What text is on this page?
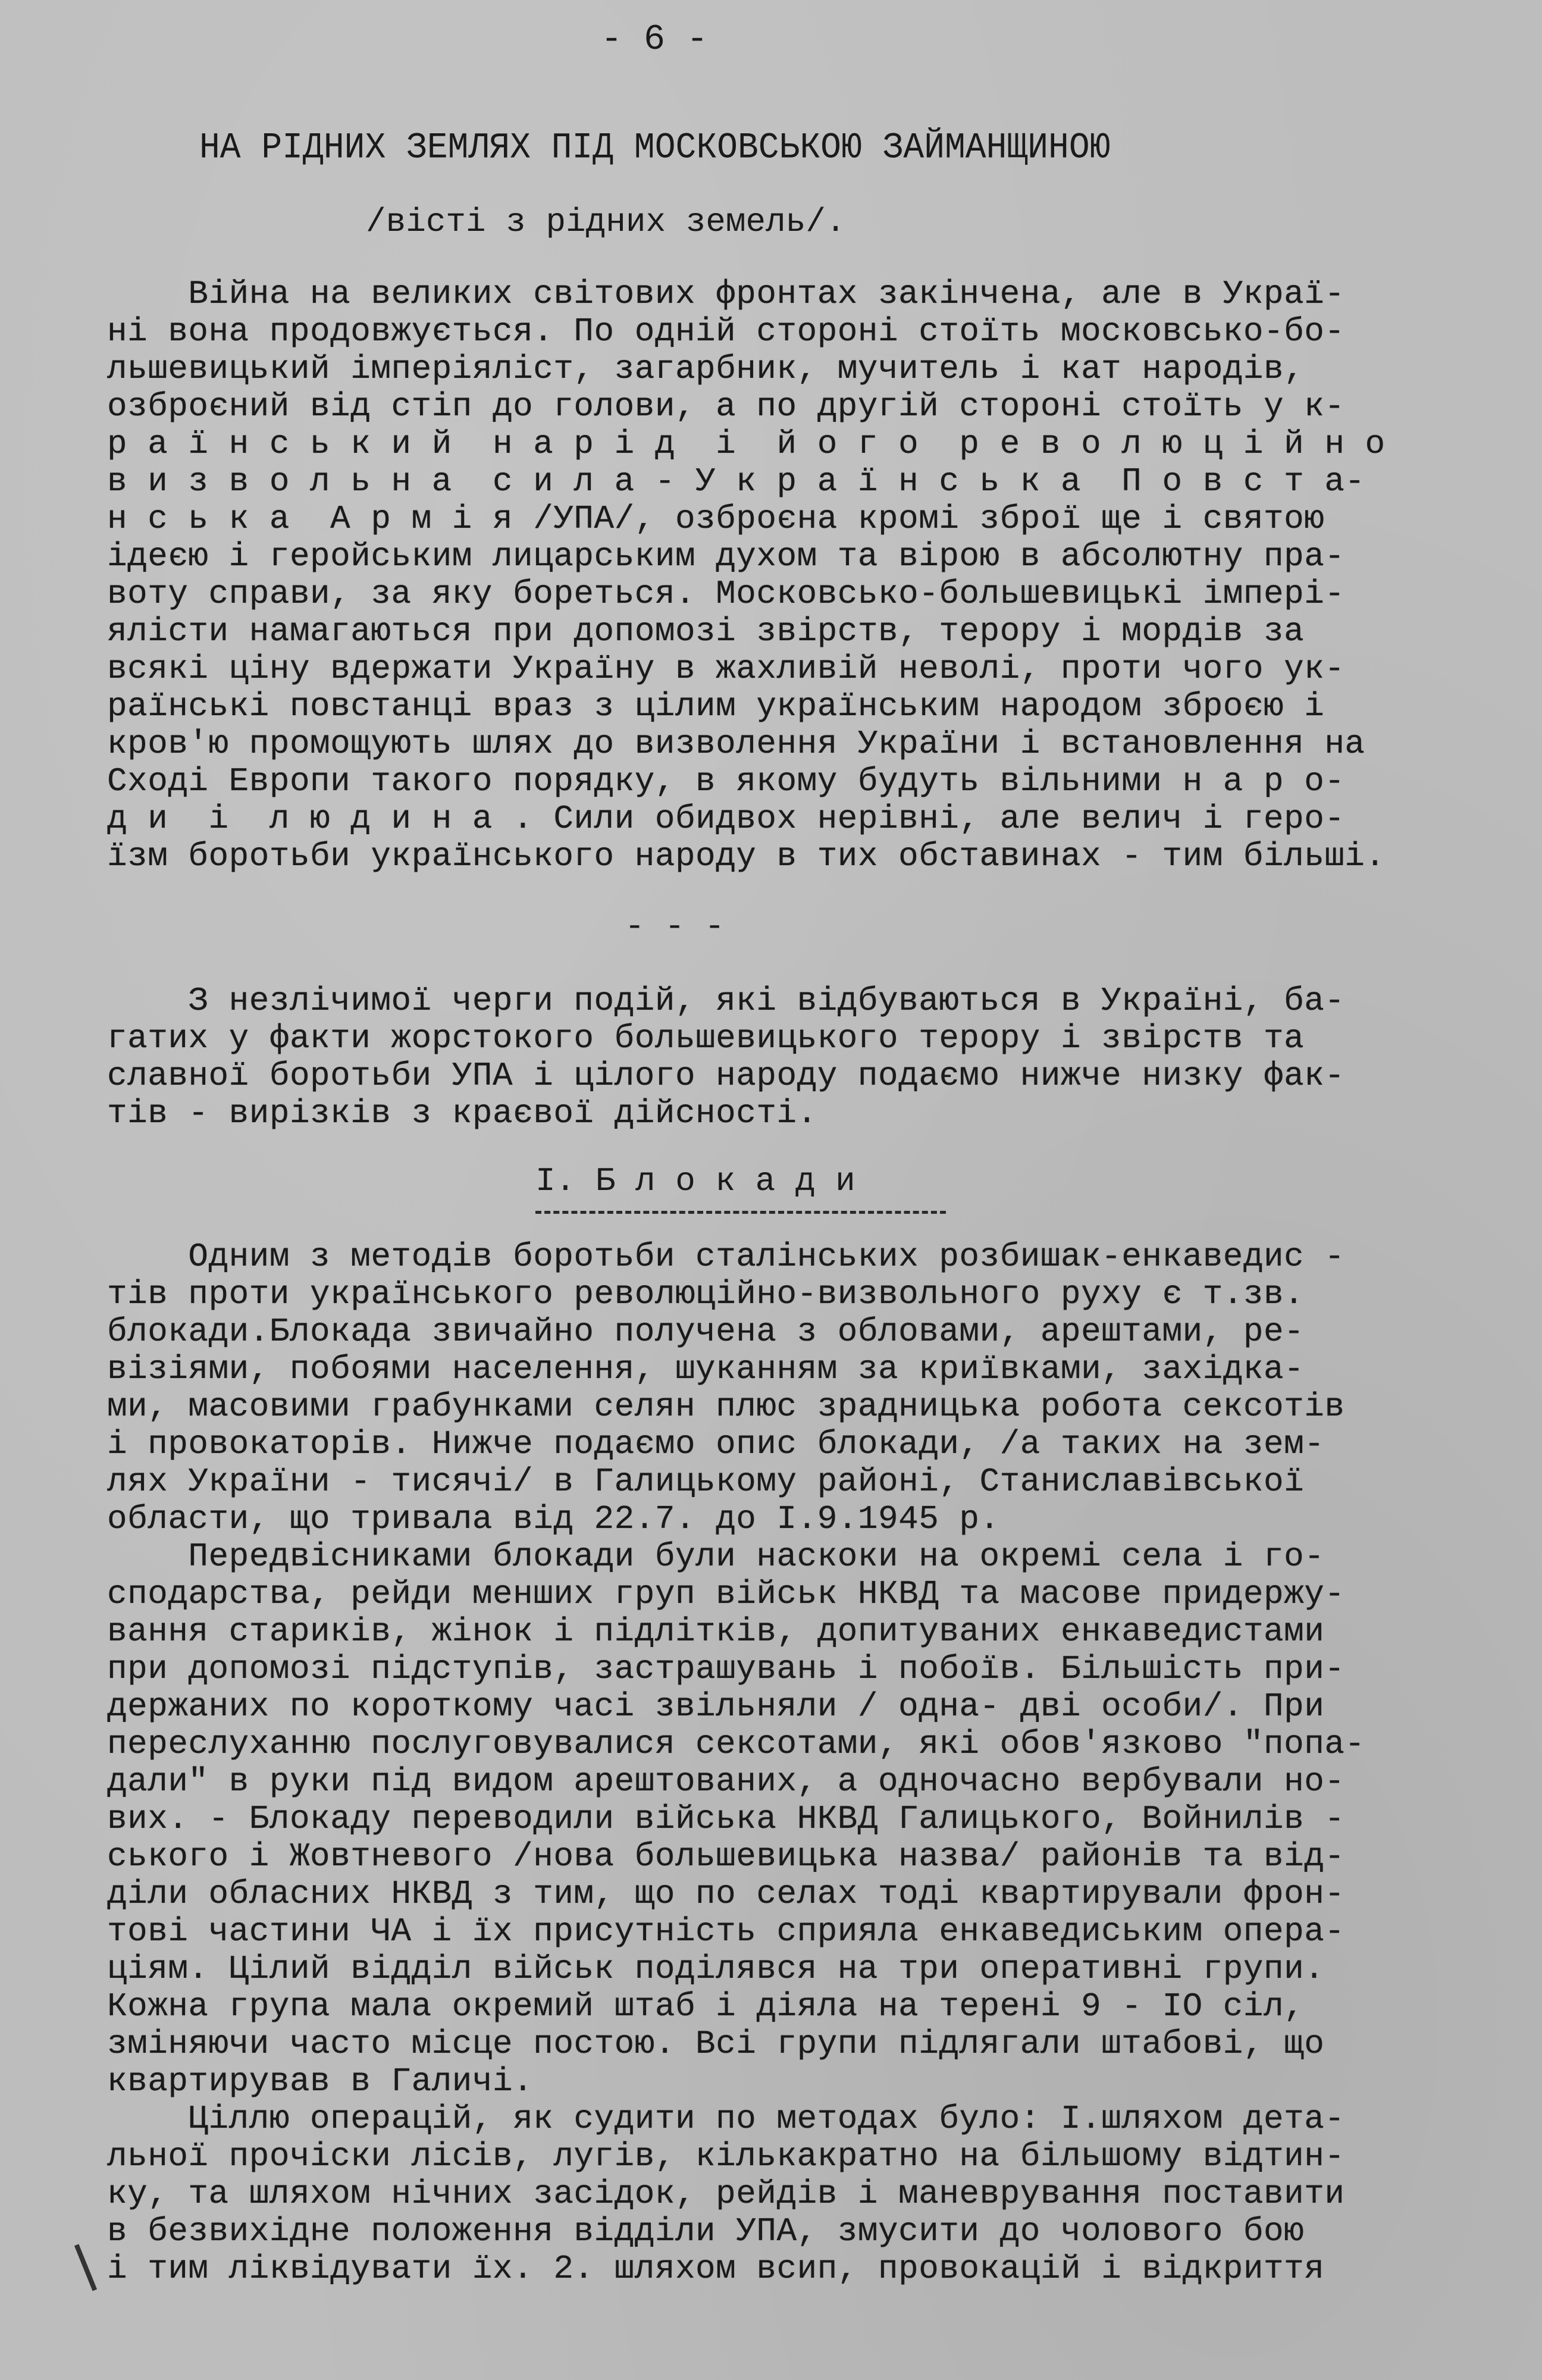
- 6 -
НА РІДНИХ ЗЕМЛЯХ ПІД МОСКОВСЬКОЮ ЗАЙМАНЩИНОЮ
/вісті з рідних земель/.

Війна на великих світових фронтах закінчена, але в Украї-

ні вона продовжується. По одній стороні стоїть московсько-бо-

льшевицький імперіяліст, загарбник, мучитель і кат народів,

озброєний від стіп до голови, а по другій стороні стоїть у к-

р а ї н с ь к и й  н а р і д  і  й о г о  р е в о л ю ц і й н о

в и з в о л ь н а  с и л а - У к р а ї н с ь к а  П о в с т а-

н с ь к а  А р м і я /УПА/, озброєна кромі зброї ще і святою

ідеєю і геройським лицарським духом та вірою в абсолютну пра-

воту справи, за яку бореться. Московсько-большевицькі імпері-

ялісти намагаються при допомозі звірств, терору і мордів за

всякі ціну вдержати Україну в жахливій неволі, проти чого ук-

раїнські повстанці враз з цілим українським народом зброєю і

кров'ю промощують шлях до визволення України і встановлення на

Сході Европи такого порядку, в якому будуть вільними н а р о-

д и  і  л ю д и н а . Сили обидвох нерівні, але велич і геро-

їзм боротьби українського народу в тих обставинах - тим більші.

- - -

З незлічимої черги подій, які відбуваються в Україні, ба-

гатих у факти жорстокого большевицького терору і звірств та

славної боротьби УПА і цілого народу подаємо нижче низку фак-

тів - вирізків з краєвої дійсності.

I. Б л о к а д и

Одним з методів боротьби сталінських розбишак-енкаведис -

тів проти українського революційно-визвольного руху є т.зв.

блокади.Блокада звичайно получена з обловами, арештами, ре-

візіями, побоями населення, шуканням за криївками, західка-

ми, масовими грабунками селян плюс зрадницька робота сексотів

і провокаторів. Нижче подаємо опис блокади, /а таких на зем-

лях України - тисячі/ в Галицькому районі, Станиславівської

области, що тривала від 22.7. до I.9.1945 р.

Передвісниками блокади були наскоки на окремі села і го-

сподарства, рейди менших груп військ НКВД та масове придержу-

вання стариків, жінок і підлітків, допитуваних енкаведистами

при допомозі підступів, застрашувань і побоїв. Більшість при-

держаних по короткому часі звільняли / одна- дві особи/. При

переслуханню послуговувалися сексотами, які обов'язково "попа-

дали" в руки під видом арештованих, а одночасно вербували но-

вих. - Блокаду переводили війська НКВД Галицького, Войнилів -

ського і Жовтневого /нова большевицька назва/ районів та від-

діли обласних НКВД з тим, що по селах тоді квартирували фрон-

тові частини ЧА і їх присутність сприяла енкаведиським опера-

ціям. Цілий відділ військ поділявся на три оперативні групи.

Кожна група мала окремий штаб і діяла на терені 9 - IO сіл,

зміняючи часто місце постою. Всі групи підлягали штабові, що

квартирував в Галичі.

Ціллю операцій, як судити по методах було: I.шляхом дета-

льної прочіски лісів, лугів, кількакратно на більшому відтин-

ку, та шляхом нічних засідок, рейдів і маневрування поставити

в безвихідне положення відділи УПА, змусити до чолового бою

і тим ліквідувати їх. 2. шляхом всип, провокацій і відкриття
